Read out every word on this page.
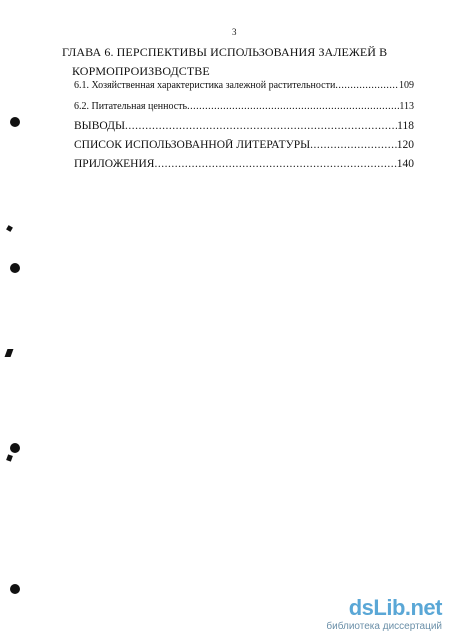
3
ГЛАВА 6. ПЕРСПЕКТИВЫ ИСПОЛЬЗОВАНИЯ ЗАЛЕЖЕЙ В
КОРМОПРОИЗВОДСТВЕ
6.1. Хозяйственная характеристика залежной растительности .....	109
6.2. Питательная ценность .....	113
ВЫВОДЫ .....	118
СПИСОК ИСПОЛЬЗОВАННОЙ ЛИТЕРАТУРЫ .....	120
ПРИЛОЖЕНИЯ .....	140
dsLib.net
библиотека диссертаций
